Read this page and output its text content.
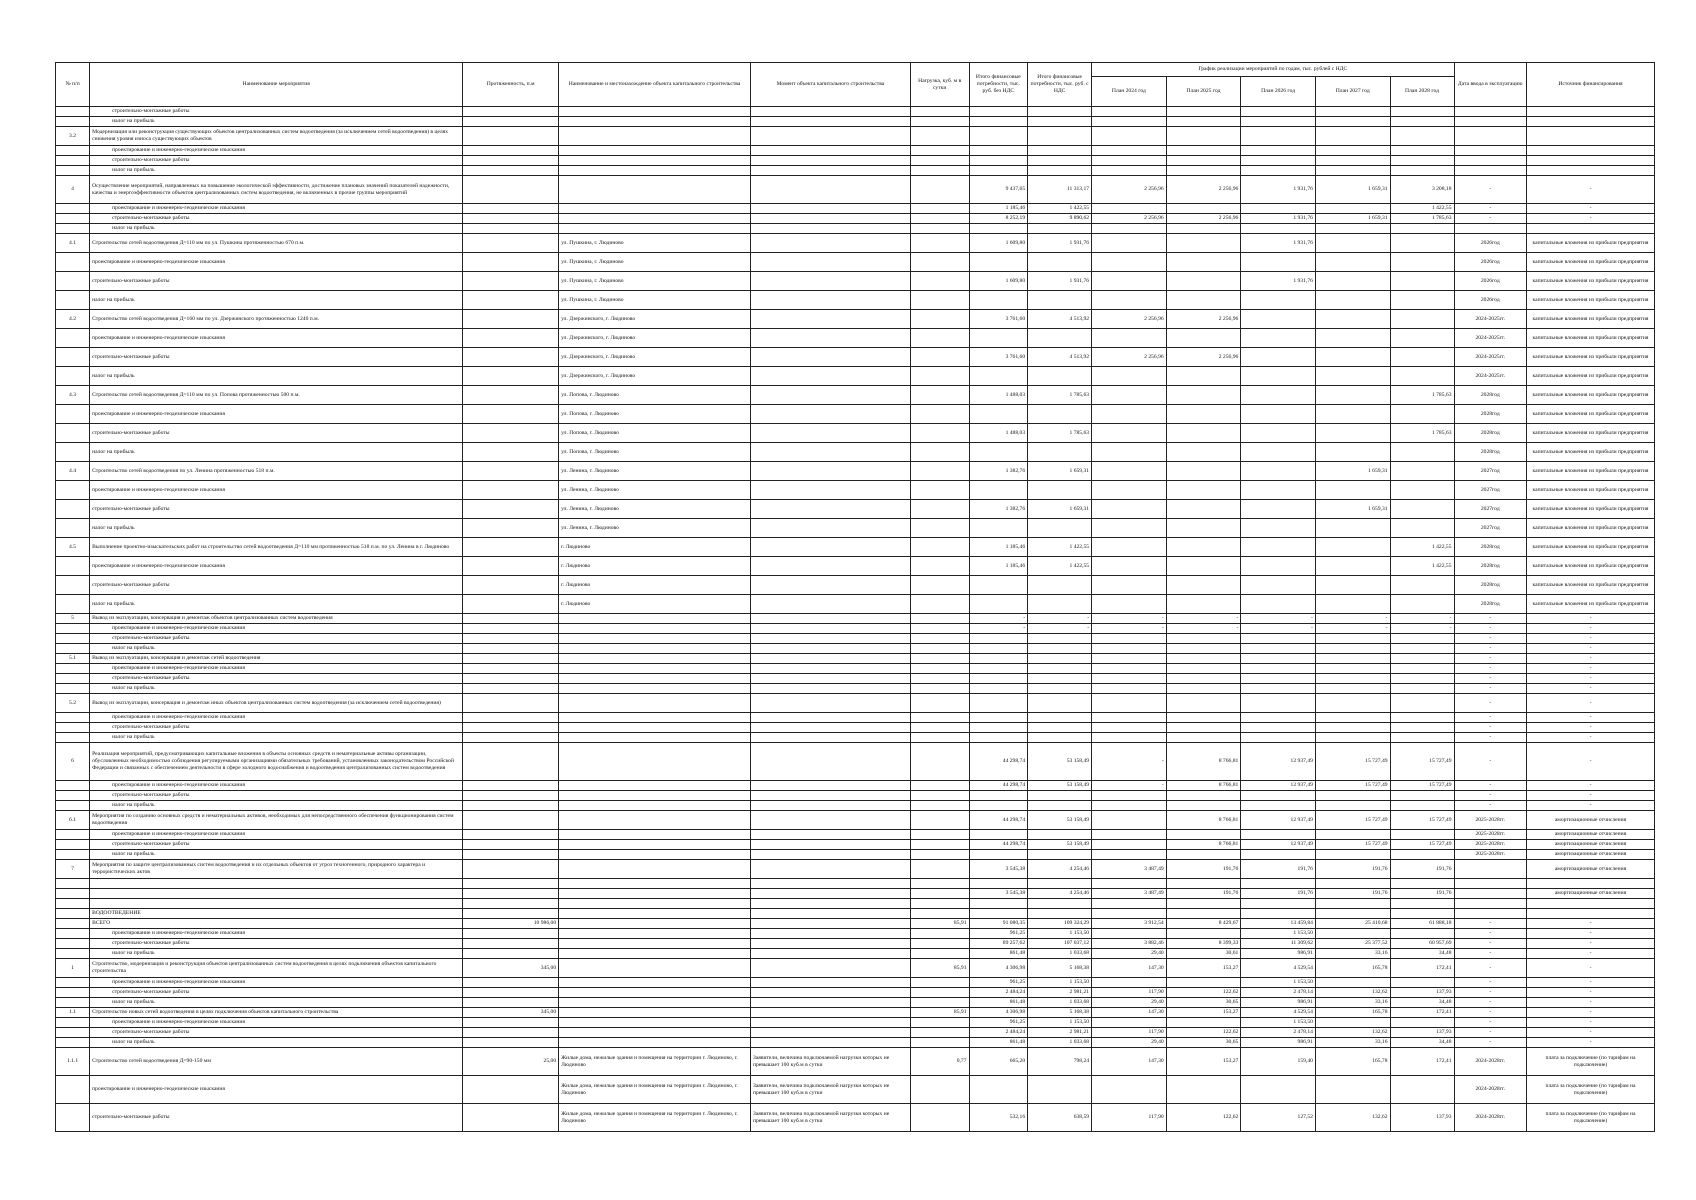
№ п/п	Наименование мероприятия	Протяженность, п.м	Наименование и местонахождение объекта капитального строительства	Момент объекта капитального строительства	Нагрузка, куб. м в сутки	Итого финансовые потребности, тыс. руб. без НДС	Итого финансовые потребности, тыс. руб. с НДС	График реализации мероприятий по годам, тыс. рублей с НДС					Дата ввода в эксплуатацию	Источник финансирования
								План 2024 год	План 2025 год	План 2026 год	План 2027 год	План 2028 год		
	строительно-монтажные работы													
	налог на прибыль													
3.2	Модернизация или реконструкция существующих объектов централизованных систем водоотведения (за исключением сетей водоотведения) в целях снижения уровня износа существующих объектов													
	проектирование и инженерно-геодезические изыскания													
	строительно-монтажные работы													
	налог на прибыль													
4	Осуществление мероприятий, направленных на повышение экологической эффективности, достижение плановых значений показателей надежности, качества и энергоэффективности объектов централизованных систем водоотведения, не включенных в прочие группы мероприятий					9 437,65	11 313,17	2 256,96	2 256,96	1 931,76	1 659,31	3 208,18	-	-
	проектирование и инженерно-геодезические изыскания					1 185,46	1 422,55					1 422,55	-	-
	строительно-монтажные работы					8 252,19	9 890,62	2 256,96	2 256,96	1 931,76	1 659,31	1 785,63	-	-
	налог на прибыль													
4.1	Строительство сетей водоотведения Д=110 мм по ул. Пушкина протяженностью 670 п.м.		ул. Пушкина, г. Людиново			1 609,80	1 931,76			1 931,76			2026год	капитальные вложения из прибыли предприятия
	проектирование и инженерно-геодезические изыскания		ул. Пушкина, г. Людиново										2026год	капитальные вложения из прибыли предприятия
	строительно-монтажные работы		ул. Пушкина, г. Людиново			1 609,80	1 931,76			1 931,76			2026год	капитальные вложения из прибыли предприятия
	налог на прибыль		ул. Пушкина, г. Людиново										2026год	капитальные вложения из прибыли предприятия
4.2	Строительство сетей водоотведения Д=160 мм по ул. Дзержинского протяженностью 1240 п.м.		ул. Дзержинского, г. Людиново			3 761,60	4 513,92	2 256,96	2 256,96				2024-2025гг.	капитальные вложения из прибыли предприятия
	проектирование и инженерно-геодезические изыскания		ул. Дзержинского, г. Людиново										2024-2025гг.	капитальные вложения из прибыли предприятия
	строительно-монтажные работы		ул. Дзержинского, г. Людиново			3 761,60	4 513,92	2 256,96	2 256,96				2024-2025гг.	капитальные вложения из прибыли предприятия
	налог на прибыль		ул. Дзержинского, г. Людиново										2024-2025гг.	капитальные вложения из прибыли предприятия
4.3	Строительство сетей водоотведения Д=110 мм по ул. Попова протяженностью 500 п.м.		ул. Попова, г. Людиново			1 488,03	1 785,63					1 785,63	2028год	капитальные вложения из прибыли предприятия
	проектирование и инженерно-геодезические изыскания		ул. Попова, г. Людиново										2028год	капитальные вложения из прибыли предприятия
	строительно-монтажные работы		ул. Попова, г. Людиново			1 488,03	1 785,63					1 785,63	2028год	капитальные вложения из прибыли предприятия
	налог на прибыль		ул. Попова, г. Людиново										2028год	капитальные вложения из прибыли предприятия
4.4	Строительство сетей водоотведения по ул. Ленина протяженностью 518 п.м.		ул. Ленина, г. Людиново			1 382,76	1 659,31				1 659,31		2027год	капитальные вложения из прибыли предприятия
	проектирование и инженерно-геодезические изыскания		ул. Ленина, г. Людиново										2027год	капитальные вложения из прибыли предприятия
	строительно-монтажные работы		ул. Ленина, г. Людиново			1 382,76	1 659,31				1 659,31		2027год	капитальные вложения из прибыли предприятия
	налог на прибыль		ул. Ленина, г. Людиново										2027год	капитальные вложения из прибыли предприятия
4.5	Выполнение проектно-изыскательских работ на строительство сетей водоотведения Д=110 мм протяженностью 518 п.м. по ул. Ленина в г. Людиново		г. Людиново			1 185,46	1 422,55					1 422,55	2028год	капитальные вложения из прибыли предприятия
	проектирование и инженерно-геодезические изыскания		г. Людиново			1 185,46	1 422,55					1 422,55	2028год	капитальные вложения из прибыли предприятия
	строительно-монтажные работы		г. Людиново										2028год	капитальные вложения из прибыли предприятия
	налог на прибыль		г. Людиново										2028год	капитальные вложения из прибыли предприятия
5	Вывод из эксплуатации, консервация и демонтаж объектов централизованных систем водоотведения					-	-	-	-	-	-	-	-	-
	проектирование и инженерно-геодезические изыскания					-	-	-	-	-	-	-	-	-
	строительно-монтажные работы												-	-
	налог на прибыль												-	-
5.1	Вывод из эксплуатации, консервация и демонтаж сетей водоотведения												-	-
	проектирование и инженерно-геодезические изыскания												-	-
	строительно-монтажные работы												-	-
	налог на прибыль												-	-
5.2	Вывод из эксплуатации, консервация и демонтаж иных объектов централизованных систем водоотведения (за исключением сетей водоотведения)												-	-
	проектирование и инженерно-геодезические изыскания												-	-
	строительно-монтажные работы												-	-
	налог на прибыль												-	-
6	Реализация мероприятий, предусматривающих капитальные вложения в объекты основных средств и нематериальные активы организации, обусловленных необходимостью соблюдения регулируемыми организациями обязательных требований, установленных законодательством Российской Федерации и связанных с обеспечением деятельности в сфере холодного водоснабжения и водоотведения централизованных систем водоотведения					44 298,74	53 158,49	-	8 766,81	12 937,49	15 727,49	15 727,49	-	-
	проектирование и инженерно-геодезические изыскания					44 298,74	53 158,49	-	8 766,81	12 937,49	15 727,49	15 727,49	-	-
	строительно-монтажные работы												-	-
	налог на прибыль												-	-
6.1	Мероприятия по созданию основных средств и нематериальных активов, необходимых для непосредственного обеспечения функционирования систем водоотведения					44 298,74	53 158,49		8 766,81	12 937,49	15 727,49	15 727,49	2025-2028гг.	амортизационные отчисления
	проектирование и инженерно-геодезические изыскания												2025-2028гг.	амортизационные отчисления
	строительно-монтажные работы					44 298,74	53 158,49		8 766,81	12 937,49	15 727,49	15 727,49	2025-2028гг.	амортизационные отчисления
	налог на прибыль												2025-2028гг.	амортизационные отчисления
7	Мероприятия по защите централизованных систем водоотведения и их отдельных объектов от угроз техногенного, природного характера и террористических актов					3 545,38	4 254,46	3 487,49	191,76	191,76	191,76	191,76		амортизационные отчисления

						3 545,38	4 254,46	3 487,49	191,76	191,76	191,76	191,76		амортизационные отчисления

	ВОДООТВЕДЕНИЕ													
	ВСЕГО	10 986,00			85,91	91 080,35	109 324,29	3 912,54	8 429,67	13 459,84	25 410,68	61 888,18	-	-
	проектирование и инженерно-геодезические изыскания					961,25	1 153,50			1 153,50			-	-
	строительно-монтажные работы					89 257,62	107 037,12	3 882,46	8 399,33	11 309,62	25 377,52	60 957,69	-	-
	налог на прибыль					861,48	1 033,68	29,40	30,61	986,91	33,16	34,48	-	-
1	Строительство, модернизация и реконструкция объектов централизованных систем водоотведения в целях подключения объектов капитального строительства	345,00			85,91	4 306,98	5 168,38	147,30	153,27	4 529,54	165,78	172,41	-	-
	проектирование и инженерно-геодезические изыскания					961,25	1 153,50			1 153,50			-	-
	строительно-монтажные работы					2 484,24	2 981,21	117,90	122,62	2 478,14	132,62	137,93	-	-
	налог на прибыль					861,48	1 033,68	29,40	30,65	986,91	33,16	34,48	-	-
1.1	Строительство новых сетей водоотведения в целях подключения объектов капитального строительства	345,00			85,91	4 306,98	5 168,38	147,30	153,27	4 529,54	165,78	172,41	-	-
	проектирование и инженерно-геодезические изыскания					961,25	1 153,50			1 153,50			-	-
	строительно-монтажные работы					2 484,24	2 981,21	117,90	122,62	2 478,14	132,62	137,93	-	-
	налог на прибыль					861,48	1 033,68	29,40	30,65	986,91	33,16	34,48	-	-
1.1.1	Строительство сетей водоотведения Д=90-150 мм	25,00	Жилые дома, нежилые здания и помещения на территории г. Людиново, г. Людиново	Заявители, величина подключаемой нагрузки которых не превышает 100 куб.м в сутки	0,77	665,20	798,24	147,30	153,27	159,40	165,78	172,41	2024-2028гг.	плата за подключение (по тарифам на подключение)
	проектирование и инженерно-геодезические изыскания		Жилые дома, нежилые здания и помещения на территории г. Людиново, г. Людиново	Заявители, величина подключаемой нагрузки которых не превышает 100 куб.м в сутки									2024-2028гг.	плата за подключение (по тарифам на подключение)
	строительно-монтажные работы		Жилые дома, нежилые здания и помещения на территории г. Людиново, г. Людиново	Заявители, величина подключаемой нагрузки которых не превышает 100 куб.м в сутки		532,16	638,59	117,90	122,62	127,52	132,62	137,93	2024-2028гг.	плата за подключение (по тарифам на подключение)
